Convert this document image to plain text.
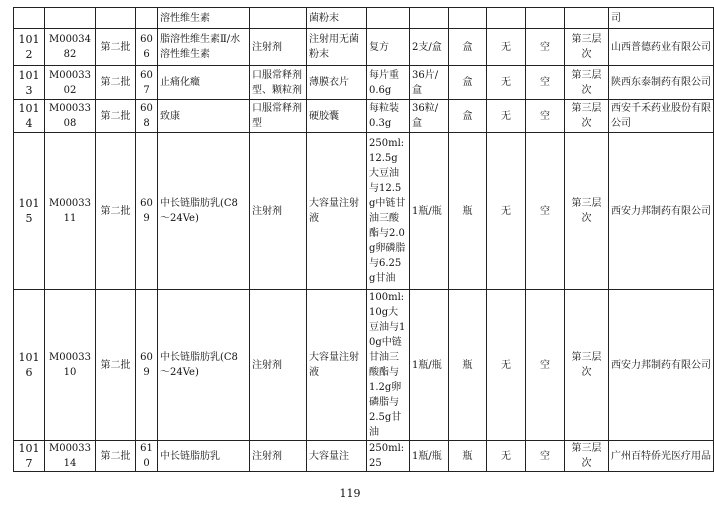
				溶性维生素		菌粉末							司
1012	M0003482	第二批	606	脂溶性维生素Ⅱ/水溶性维生素	注射剂	注射用无菌粉末	复方	2支/盒	盒	无	空	第三层次	山西普德药业有限公司
1013	M0003302	第二批	607	止痛化癥	口服常释剂型、颗粒剂	薄膜衣片	每片重0.6g	36片/盒	盒	无	空	第三层次	陕西东泰制药有限公司
1014	M0003308	第二批	608	致康	口服常释剂型	硬胶囊	每粒装0.3g	36粒/盒	盒	无	空	第三层次	西安千禾药业股份有限公司
1015	M0003311	第二批	609	中长链脂肪乳(C8～24Ve)	注射剂	大容量注射液	250ml:12.5g大豆油与12.5g中链甘油三酸酯与2.0g卵磷脂与6.25g甘油	1瓶/瓶	瓶	无	空	第三层次	西安力邦制药有限公司
1016	M0003310	第二批	609	中长链脂肪乳(C8～24Ve)	注射剂	大容量注射液	100ml:10g大豆油与10g中链甘油三酸酯与1.2g卵磷脂与2.5g甘油	1瓶/瓶	瓶	无	空	第三层次	西安力邦制药有限公司
1017	M0003314	第二批	610	中长链脂肪乳	注射剂	大容量注	250ml:25	1瓶/瓶	瓶	无	空	第三层次	广州百特侨光医疗用品
119
